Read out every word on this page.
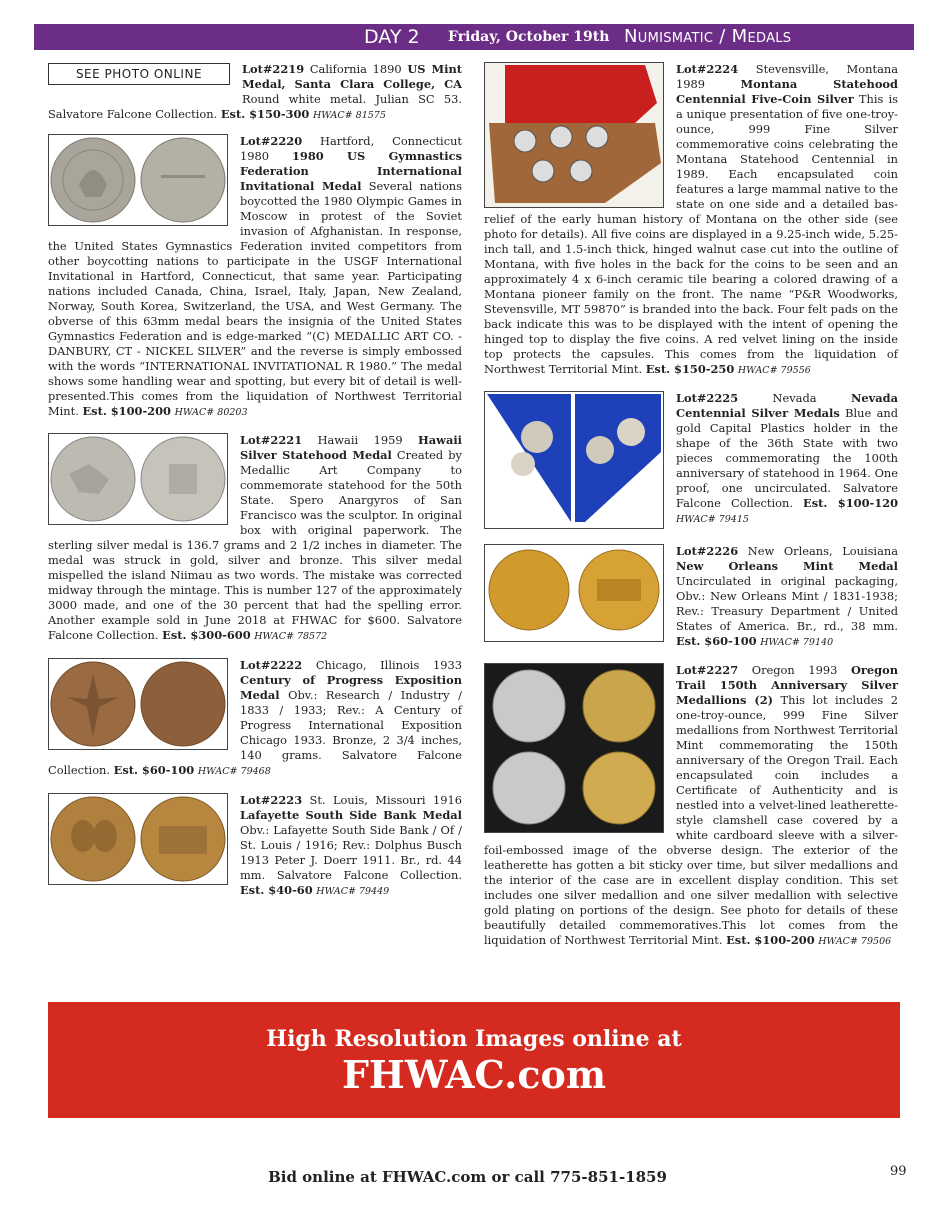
DAY 2 Friday, October 19th Numismatic / Medals
SEE PHOTO ONLINE	Lot#2219 California 1890 US Mint Medal, Santa Clara College, CA Round white metal. Julian SC 53. Salvatore Falcone Collection. Est. $150-300 HWAC# 81575

Lot#2220 Hartford, Connecticut 1980 1980 US Gymnastics Federation International Invitational Medal Several nations boycotted the 1980 Olympic Games in Moscow in protest of the Soviet invasion of Afghanistan. In response, the United States Gymnastics Federation invited competitors from other boycotting nations to participate in the USGF International Invitational in Hartford, Connecticut, that same year. Participating nations included Canada, China, Israel, Italy, Japan, New Zealand, Norway, South Korea, Switzerland, the USA, and West Germany. The obverse of this 63mm medal bears the insignia of the United States Gymnastics Federation and is edge-marked “(C) MEDALLIC ART CO. - DANBURY, CT - NICKEL SILVER” and the reverse is simply embossed with the words “INTERNATIONAL INVITATIONAL R 1980.” The medal shows some handling wear and spotting, but every bit of detail is well-presented.This comes from the liquidation of Northwest Territorial Mint. Est. $100-200 HWAC# 80203

Lot#2221 Hawaii 1959 Hawaii Silver Statehood Medal Created by Medallic Art Company to commemorate statehood for the 50th State. Spero Anargyros of San Francisco was the sculptor. In original box with original paperwork. The sterling silver medal is 136.7 grams and 2 1/2 inches in diameter. The medal was struck in gold, silver and bronze. This silver medal mispelled the island Niimau as two words. The mistake was corrected midway through the mintage. This is number 127 of the approximately 3000 made, and one of the 30 percent that had the spelling error. Another example sold in June 2018 at FHWAC for $600. Salvatore Falcone Collection. Est. $300-600 HWAC# 78572

Lot#2222 Chicago, Illinois 1933 Century of Progress Exposition Medal Obv.: Research / Industry / 1833 / 1933; Rev.: A Century of Progress International Exposition Chicago 1933. Bronze, 2 3/4 inches, 140 grams. Salvatore Falcone Collection. Est. $60-100 HWAC# 79468

Lot#2223 St. Louis, Missouri 1916 Lafayette South Side Bank Medal Obv.: Lafayette South Side Bank / Of / St. Louis / 1916; Rev.: Dolphus Busch 1913 Peter J. Doerr 1911. Br., rd. 44 mm. Salvatore Falcone Collection. Est. $40-60 HWAC# 79449

Lot#2224 Stevensville, Montana 1989 Montana Statehood Centennial Five-Coin Silver This is a unique presentation of five one-troy-ounce, 999 Fine Silver commemorative coins celebrating the Montana Statehood Centennial in 1989. Each encapsulated coin features a large mammal native to the state on one side and a detailed bas-relief of the early human history of Montana on the other side (see photo for details). All five coins are displayed in a 9.25-inch wide, 5.25-inch tall, and 1.5-inch thick, hinged walnut case cut into the outline of Montana, with five holes in the back for the coins to be seen and an approximately 4 x 6-inch ceramic tile bearing a colored drawing of a Montana pioneer family on the front. The name “P&R Woodworks, Stevensville, MT 59870” is branded into the back. Four felt pads on the back indicate this was to be displayed with the intent of opening the hinged top to display the five coins. A red velvet lining on the inside top protects the capsules. This comes from the liquidation of Northwest Territorial Mint. Est. $150-250 HWAC# 79556

Lot#2225 Nevada Nevada Centennial Silver Medals Blue and gold Capital Plastics holder in the shape of the 36th State with two pieces commemorating the 100th anniversary of statehood in 1964. One proof, one uncirculated. Salvatore Falcone Collection. Est. $100-120 HWAC# 79415

Lot#2226 New Orleans, Louisiana New Orleans Mint Medal Uncirculated in original packaging, Obv.: New Orleans Mint / 1831-1938; Rev.: Treasury Department / United States of America. Br., rd., 38 mm. Est. $60-100 HWAC# 79140

Lot#2227 Oregon 1993 Oregon Trail 150th Anniversary Silver Medallions (2) This lot includes 2 one-troy-ounce, 999 Fine Silver medallions from Northwest Territorial Mint commemorating the 150th anniversary of the Oregon Trail. Each encapsulated coin includes a Certificate of Authenticity and is nestled into a velvet-lined leatherette-style clamshell case covered by a white cardboard sleeve with a silver-foil-embossed image of the obverse design. The exterior of the leatherette has gotten a bit sticky over time, but silver medallions and the interior of the case are in excellent display condition. This set includes one silver medallion and one silver medallion with selective gold plating on portions of the design. See photo for details of these beautifully detailed commemoratives.This lot comes from the liquidation of Northwest Territorial Mint. Est. $100-200 HWAC# 79506

High Resolution Images online at
FHWAC.com
Bid online at FHWAC.com or call 775-851-1859	99
